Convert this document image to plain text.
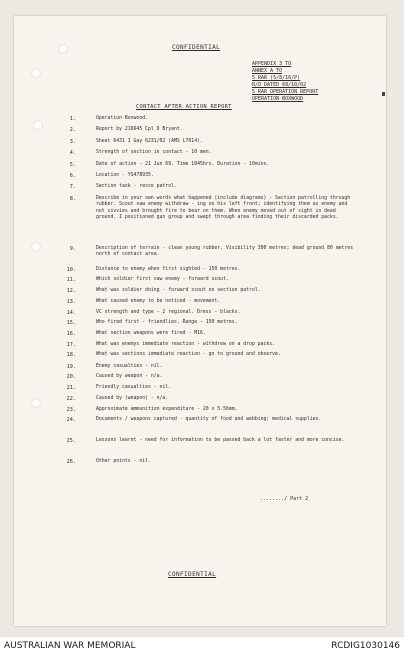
CONFIDENTIAL
APPENDIX 3 TO
ANNEX A TO
5 RAR (5/8/16/P)
R/O DATED 68/10/02
5 RAR OPERATION REPORT
OPERATION BOXWOOD
CONTACT AFTER ACTION REPORT
1.	Operation Boxwood.
2.	Report by 216645 Cpl D Bryant.
3.	Sheet 6431 I Gay 6231/02 (AMS L7014).
4.	Strength of section in contact - 10 men.
5.	Date of action - 21 Jun 69. Time 1045hrs. Duration - 10mins.
6.	Location - YS478935.
7.	Section task - recce patrol.
8.	Describe in your own words what happened (include diagrams) - Section patrolling through rubber. Scout saw enemy withdraw - ing on his left front; identifying them as enemy and not civvies and brought fire to bear on them. When enemy moved out of sight in dead ground. I positioned gun group and swept through area finding their discarded packs.
9.	Description of terrain - clean young rubber. Visibility 300 metres; dead ground 80 metres north of contact area.
10.	Distance to enemy when first sighted - 150 metres.
11.	Which soldier first saw enemy - forward scout.
12.	What was soldier doing - forward scout on section patrol.
13.	What caused enemy to be noticed - movement.
14.	VC strength and type - 2 regional. Dress - blacks.
15.	Who fired first - friendlies. Range - 150 metres.
16.	What section weapons were fired - M16.
17.	What was enemys immediate reaction - withdrew on a drop packs.
18.	What was sections immediate reaction - go to ground and observe.
19.	Enemy casualties - nil.
20.	Caused by weapon - n/a.
21.	Friendly casualties - nil.
22.	Caused by (weapon) - n/a.
23.	Approximate ammunition expenditure - 20 x 5.56mm.
24.	Documents / weapons captured - quantity of food and webbing; medical supplies.
25.	Lessons learnt - need for information to be passed back a lot faster and more concise.
26.	Other points - nil.
......../ Part 2
CONFIDENTIAL
AUSTRALIAN WAR MEMORIAL	RCDIG1030146
